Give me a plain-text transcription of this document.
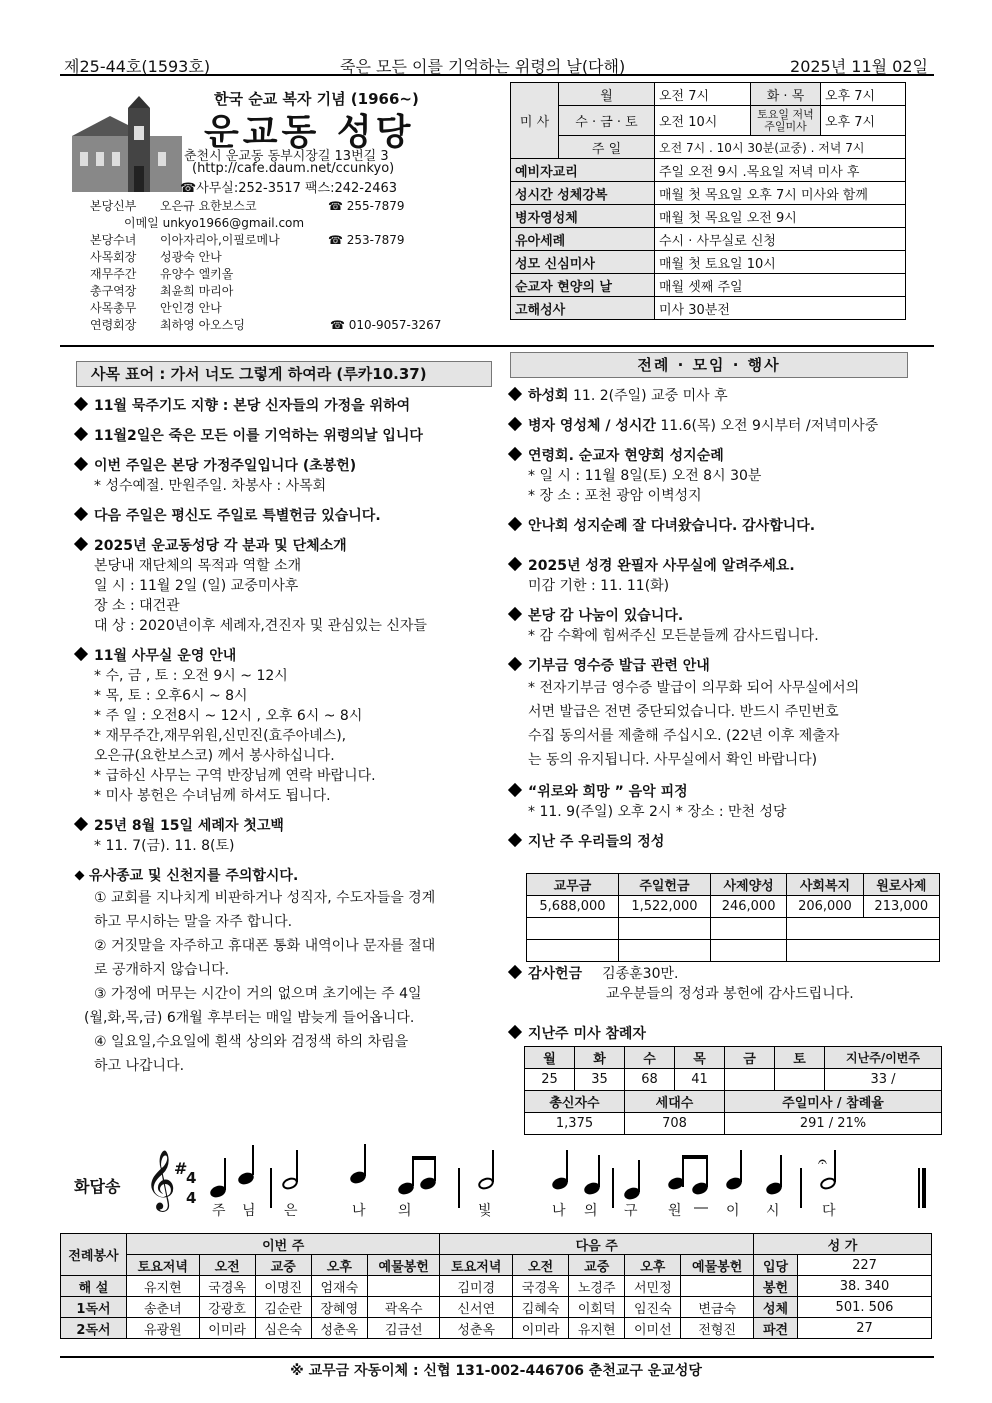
제25-44호(1593호)	죽은 모든 이를 기억하는 위령의 날(다해)	2025년 11월 02일
한국 순교 복자 기념 (1966~)
운교동 성당
춘천시 운교동 동부시장길 13번길 3
(http://cafe.daum.net/ccunkyo)
☎사무실:252-3517 팩스:242-2463
본당신부 오은규 요한보스코	☎ 255-7879
이메일 unkyo1966@gmail.com
본당수녀 이아자리아,이필로메나	☎ 253-7879
사목회장 성광숙 안나
재무주간 유양수 엘키올
총구역장 최윤희 마리아
사목총무 안인경 안나
연령회장 최하영 아오스딩	☎ 010-9057-3267
미 사	월	오전 7시	화 · 목	오후 7시
	수 · 금 · 토	오전 10시	토요일 저녁 주일미사	오후 7시
	주 일	오전 7시 . 10시 30분(교중) . 저녁 7시		
예비자교리		주일 오전 9시 .목요일 저녁 미사 후		
성시간 성체강복		매월 첫 목요일 오후 7시 미사와 함께		
병자영성체		매월 첫 목요일 오전 9시		
유아세례		수시 · 사무실로 신청		
성모 신심미사		매월 첫 토요일 10시		
순교자 현양의 날		매월 셋째 주일		
고해성사		미사 30분전		
사목 표어 : 가서 너도 그렇게 하여라 (루카10.37)
11월 묵주기도 지향 : 본당 신자들의 가정을 위하여
11월2일은 죽은 모든 이를 기억하는 위령의날 입니다
이번 주일은 본당 가정주일입니다 (초봉헌)
* 성수예절. 만원주일. 차봉사 : 사목회
다음 주일은 평신도 주일로 특별헌금 있습니다.
2025년 운교동성당 각 분과 및 단체소개
본당내 재단체의 목적과 역할 소개
일 시 : 11월 2일 (일) 교중미사후
장 소 : 대건관
대 상 : 2020년이후 세례자,견진자 및 관심있는 신자들
11월 사무실 운영 안내
* 수, 금 , 토 : 오전 9시 ~ 12시
* 목, 토 : 오후6시 ~ 8시
* 주 일 : 오전8시 ~ 12시 , 오후 6시 ~ 8시
* 재무주간,재무위원,신민진(효주아녜스),
오은규(요한보스코) 께서 봉사하십니다.
* 급하신 사무는 구역 반장님께 연락 바랍니다.
* 미사 봉헌은 수녀님께 하셔도 됩니다.
25년 8월 15일 세례자 첫고백
* 11. 7(금). 11. 8(토)
유사종교 및 신천지를 주의합시다.
① 교회를 지나치게 비판하거나 성직자, 수도자들을 경계
하고 무시하는 말을 자주 합니다.
② 거짓말을 자주하고 휴대폰 통화 내역이나 문자를 절대
로 공개하지 않습니다.
③ 가정에 머무는 시간이 거의 없으며 초기에는 주 4일
(월,화,목,금) 6개월 후부터는 매일 밤늦게 들어옵니다.
④ 일요일,수요일에 흰색 상의와 검정색 하의 차림을
하고 나갑니다.
전례 · 모임 · 행사
하성회 11. 2(주일) 교중 미사 후
병자 영성체 / 성시간 11.6(목) 오전 9시부터 /저녁미사중
연령회. 순교자 현양회 성지순례
* 일 시 : 11월 8일(토) 오전 8시 30분
* 장 소 : 포천 광암 이벽성지
안나회 성지순례 잘 다녀왔습니다. 감사합니다.
2025년 성경 완필자 사무실에 알려주세요.
미감 기한 : 11. 11(화)
본당 감 나눔이 있습니다.
* 감 수확에 힘써주신 모든분들께 감사드립니다.
기부금 영수증 발급 관련 안내
* 전자기부금 영수증 발급이 의무화 되어 사무실에서의
서면 발급은 전면 중단되었습니다. 반드시 주민번호
수집 동의서를 제출해 주십시오. (22년 이후 제출자
는 동의 유지됩니다. 사무실에서 확인 바랍니다)
“위로와 희망 ” 음악 피정
* 11. 9(주일) 오후 2시 * 장소 : 만천 성당
지난 주 우리들의 정성
교무금	주일헌금	사제양성	사회복지	원로사제
5,688,000	1,522,000	246,000	206,000	213,000

감사헌금 김종훈30만.
교우분들의 정성과 봉헌에 감사드립니다.
지난주 미사 참례자
월	화	수	목	금	토	지난주/이번주
25	35	68	41			33 /
총신자수		세대수		주일미사 / 참례율		
1,375		708		291 / 21%		
화답송 𝄞
#
4
4
𝄐
주 님 은	나 의	빛	나 의 구 원 ― 이 시	다
전례봉사	이번 주					다음 주					성 가	
	토요저녁	오전	교중	오후	예물봉헌	토요저녁	오전	교중	오후	예물봉헌	입당	227
해 설	유지현	국경옥	이명진	엄재숙		김미경	국경옥	노경주	서민정		봉헌	38. 340
1독서	송춘녀	강광호	김순란	장혜영	곽옥수	신서연	김혜숙	이회덕	임진숙	변금숙	성체	501. 506
2독서	유광원	이미라	심은숙	성춘옥	김금선	성춘옥	이미라	유지현	이미선	전형진	파견	27
※ 교무금 자동이체 : 신협 131-002-446706 춘천교구 운교성당
